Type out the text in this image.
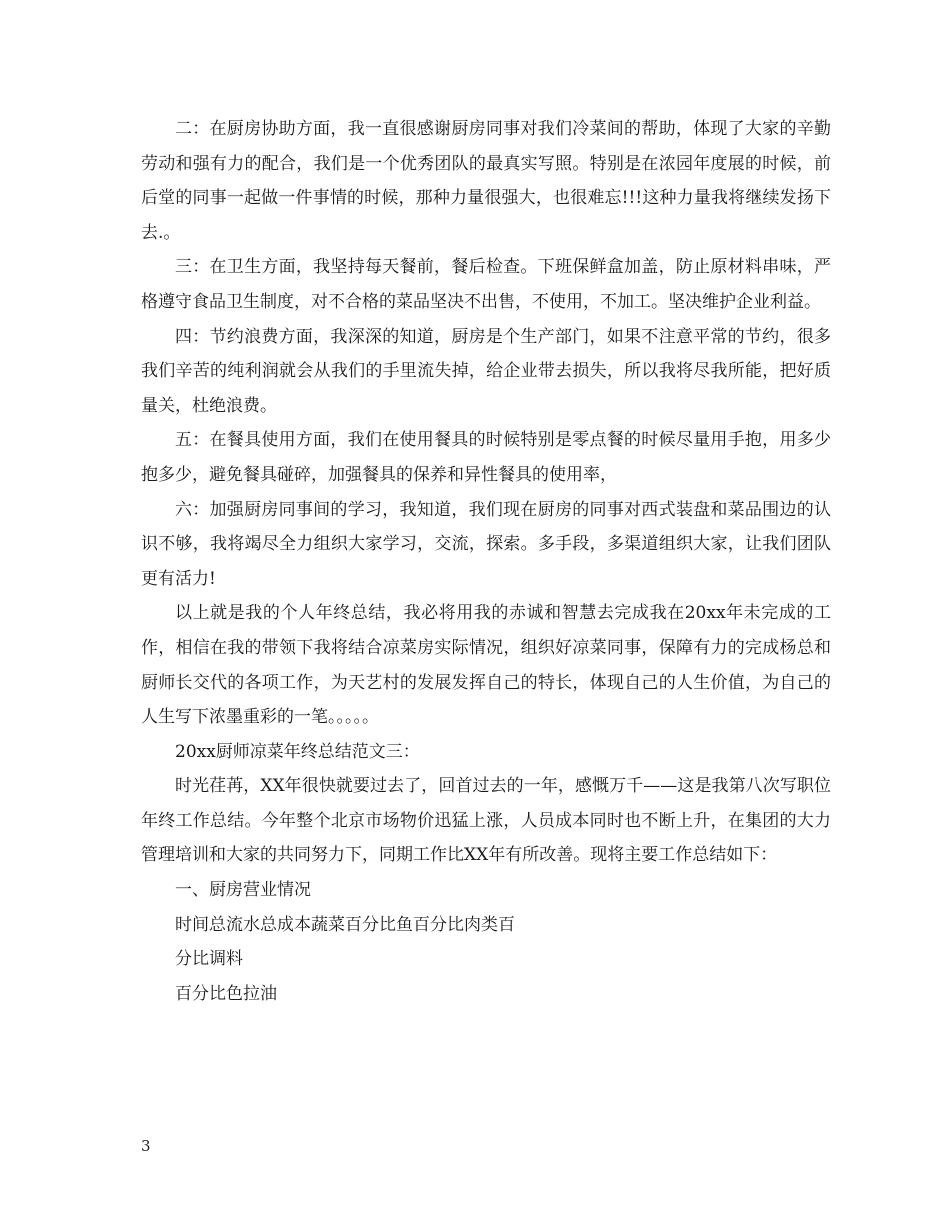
二：在厨房协助方面，我一直很感谢厨房同事对我们冷菜间的帮助，体现了大家的辛勤劳动和强有力的配合，我们是一个优秀团队的最真实写照。特别是在浓园年度展的时候，前后堂的同事一起做一件事情的时候，那种力量很强大，也很难忘!!!这种力量我将继续发扬下去.。

三：在卫生方面，我坚持每天餐前，餐后检查。下班保鲜盒加盖，防止原材料串味，严格遵守食品卫生制度，对不合格的菜品坚决不出售，不使用，不加工。坚决维护企业利益。

四：节约浪费方面，我深深的知道，厨房是个生产部门，如果不注意平常的节约，很多我们辛苦的纯利润就会从我们的手里流失掉，给企业带去损失，所以我将尽我所能，把好质量关，杜绝浪费。

五：在餐具使用方面，我们在使用餐具的时候特别是零点餐的时候尽量用手抱，用多少抱多少，避免餐具碰碎，加强餐具的保养和异性餐具的使用率，

六：加强厨房同事间的学习，我知道，我们现在厨房的同事对西式装盘和菜品围边的认识不够，我将竭尽全力组织大家学习，交流，探索。多手段，多渠道组织大家，让我们团队更有活力!

以上就是我的个人年终总结，我必将用我的赤诚和智慧去完成我在20xx年未完成的工作，相信在我的带领下我将结合凉菜房实际情况，组织好凉菜同事，保障有力的完成杨总和厨师长交代的各项工作，为天艺村的发展发挥自己的特长，体现自己的人生价值，为自己的人生写下浓墨重彩的一笔。。。。。

20xx厨师凉菜年终总结范文三：

时光荏苒，XX年很快就要过去了，回首过去的一年，感慨万千——这是我第八次写职位年终工作总结。今年整个北京市场物价迅猛上涨，人员成本同时也不断上升，在集团的大力管理培训和大家的共同努力下，同期工作比XX年有所改善。现将主要工作总结如下：

一、厨房营业情况

时间总流水总成本蔬菜百分比鱼百分比肉类百

分比调料

百分比色拉油

3
